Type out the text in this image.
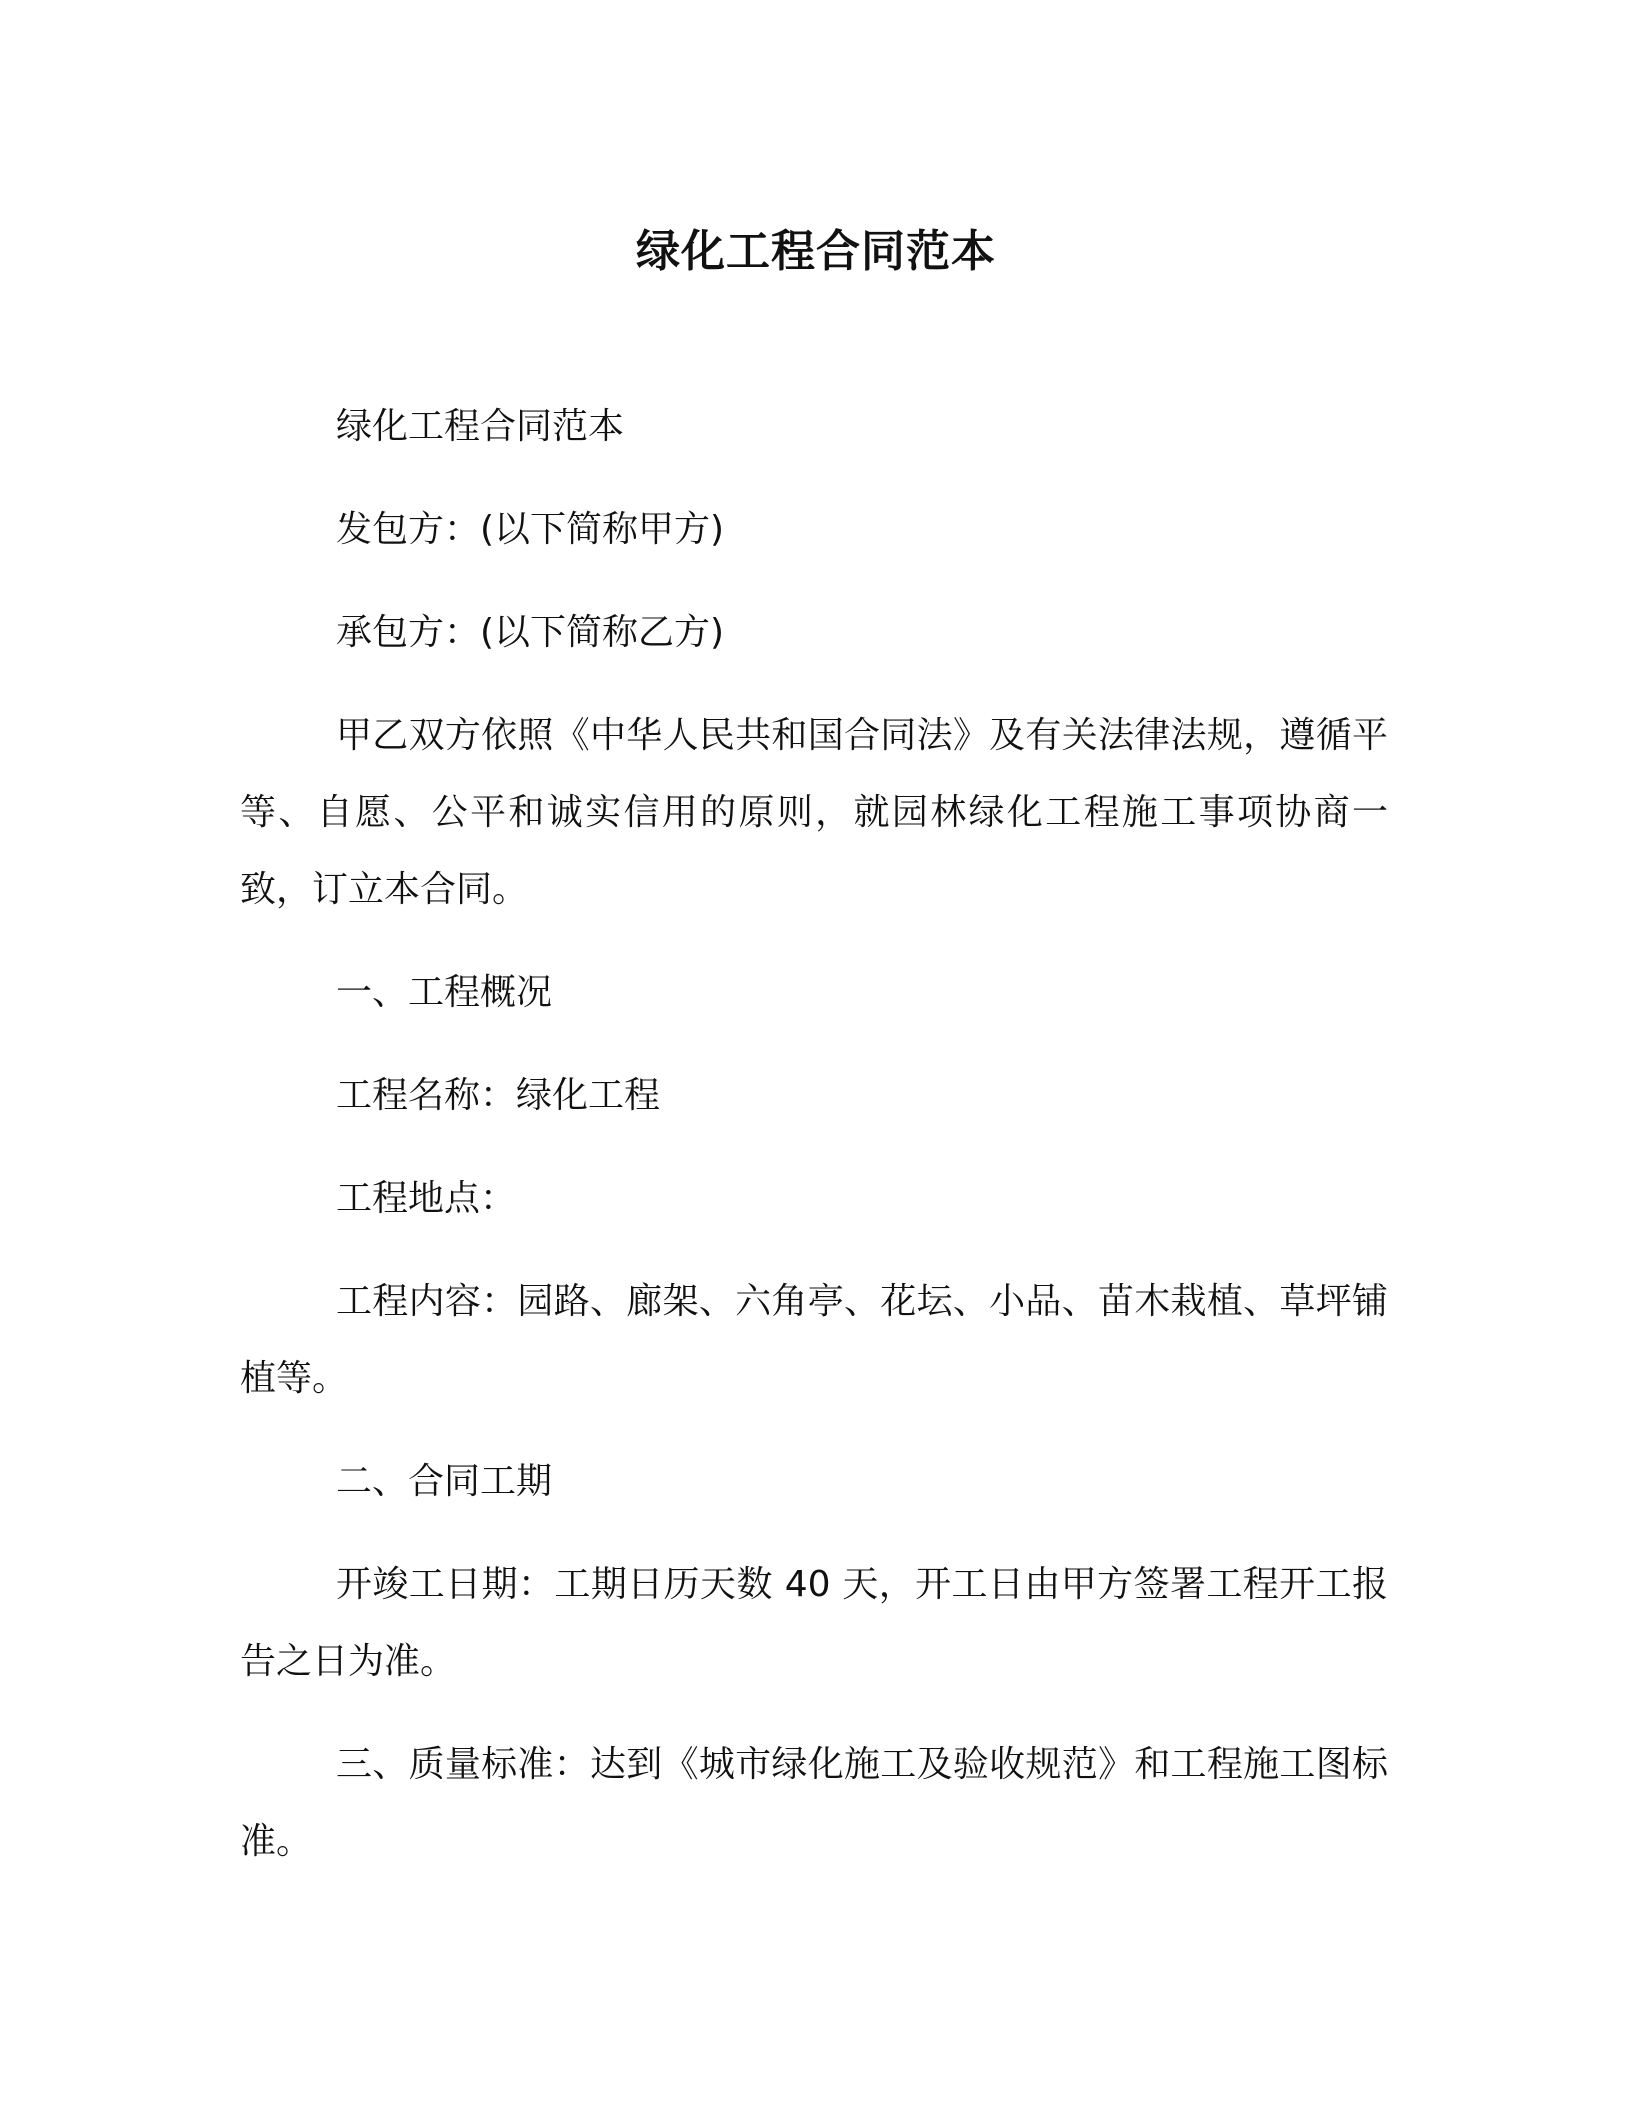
绿化工程合同范本

绿化工程合同范本

发包方：(以下简称甲方)

承包方：(以下简称乙方)

甲乙双方依照《中华人民共和国合同法》及有关法律法规，遵循平等、自愿、公平和诚实信用的原则，就园林绿化工程施工事项协商一致，订立本合同。

一、工程概况

工程名称：绿化工程

工程地点：

工程内容：园路、廊架、六角亭、花坛、小品、苗木栽植、草坪铺植等。

二、合同工期

开竣工日期：工期日历天数 40 天，开工日由甲方签署工程开工报告之日为准。

三、质量标准：达到《城市绿化施工及验收规范》和工程施工图标准。
